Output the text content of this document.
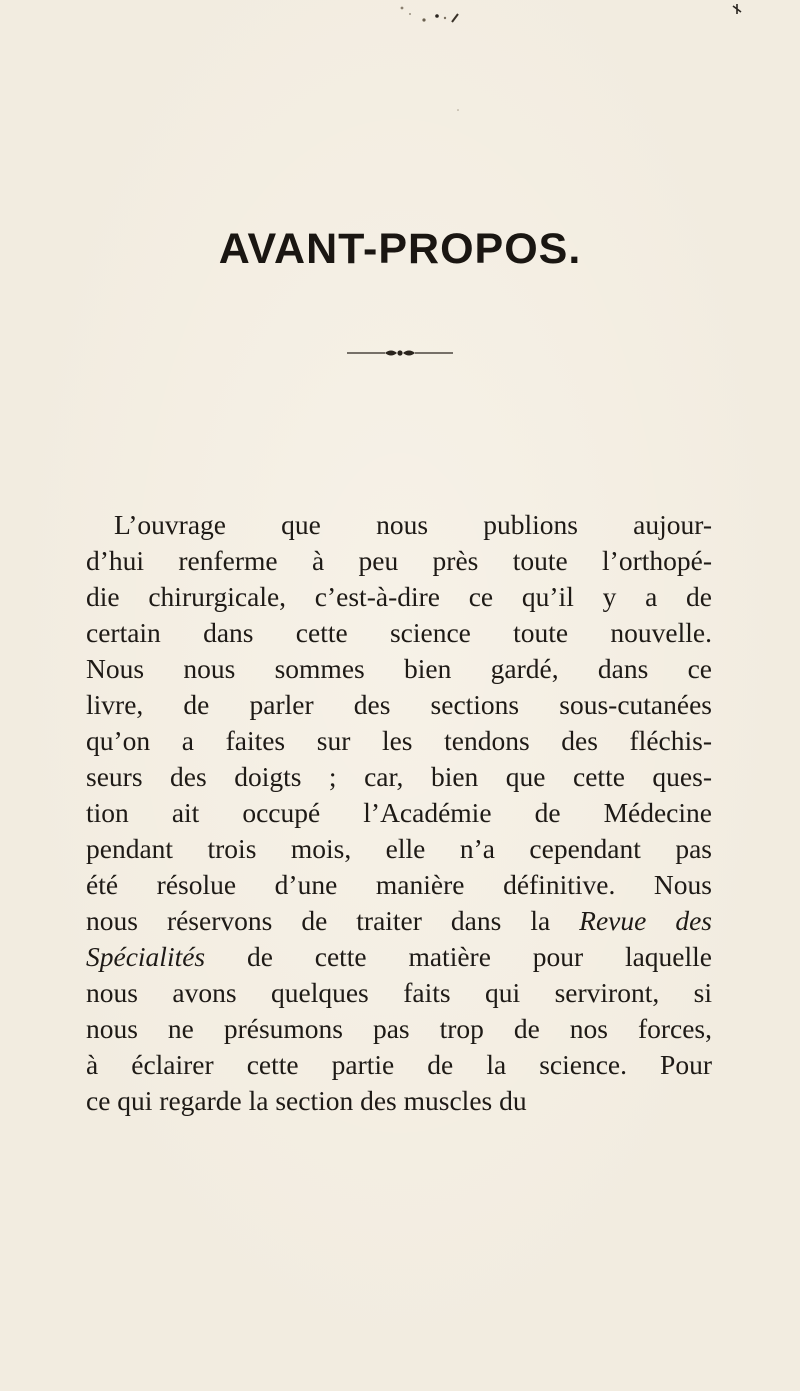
AVANT-PROPOS.
L’ouvrage que nous publions aujour-
d’hui renferme à peu près toute l’orthopé-
die chirurgicale, c’est-à-dire ce qu’il y a de
certain dans cette science toute nouvelle.
Nous nous sommes bien gardé, dans ce
livre, de parler des sections sous-cutanées
qu’on a faites sur les tendons des fléchis-
seurs des doigts ; car, bien que cette ques-
tion ait occupé l’Académie de Médecine
pendant trois mois, elle n’a cependant pas
été résolue d’une manière définitive. Nous
nous réservons de traiter dans la Revue des
Spécialités de cette matière pour laquelle
nous avons quelques faits qui serviront, si
nous ne présumons pas trop de nos forces,
à éclairer cette partie de la science. Pour
ce qui regarde la section des muscles du
